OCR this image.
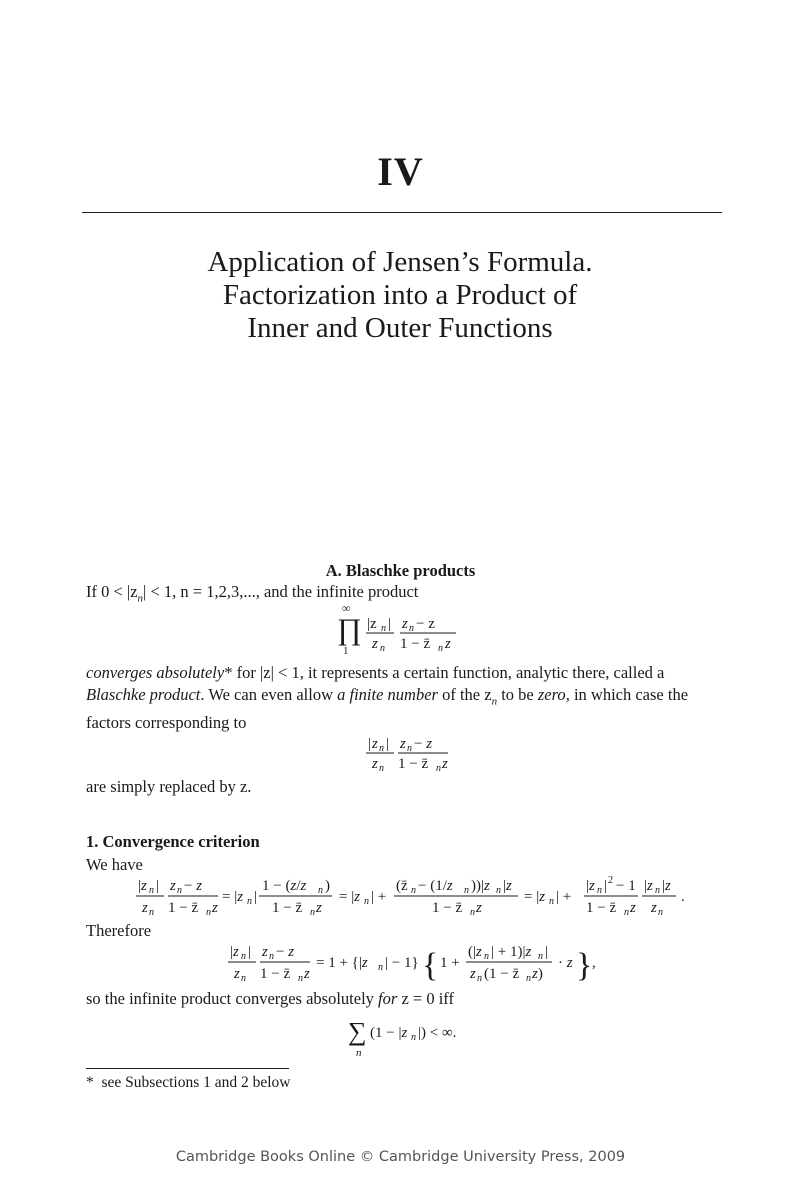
IV
Application of Jensen’s Formula.
Factorization into a Product of
Inner and Outer Functions
A. Blaschke products
If $0 < |z_n| < 1$, n = 1,2,3,..., and the infinite product
∞
∏
1
|z n |
z n
z n − z
1 − z̄ n z
converges absolutely* for |z| < 1, it represents a certain function, analytic there, called a
Blaschke product. We can even allow a finite number of the $z_n$ to be zero, in which case the
factors corresponding to
| z n |
z n
z n − z
1 − z̄ n z
are simply replaced by z.
1. Convergence criterion
We have
|z n |
z n
z n − z
1 − z̄ n z
= |z n |
1 − (z/z n )
1 − z̄ n z
= |z n | +
(z̄ n − (1/z n ))|z n |z
1 − z̄ n z
= |z n | +
|z n | 2 − 1
1 − z̄ n z
|z n |z
z n
.
Therefore
|z n |
z n
z n − z
1 − z̄ n z
= 1 + {|z n | − 1} { 1 +
(|z n | + 1)|z n |
z n (1 − z̄ n z)
· z } ,
so the infinite product converges absolutely for z = 0 iff
∑
n
(1 − |z n |) < ∞.
* see Subsections 1 and 2 below
Cambridge Books Online © Cambridge University Press, 2009
